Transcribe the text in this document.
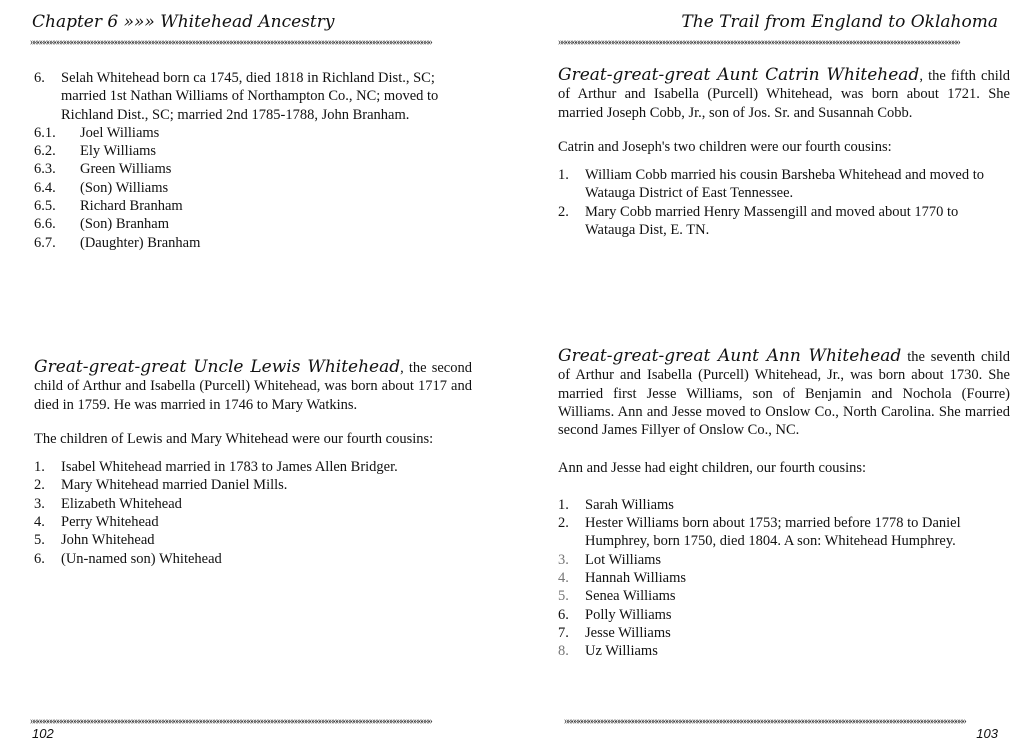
Chapter 6 »»» Whitehead Ancestry
»»»»»»»»»»»»»»»»»»»»»»»»»»»»»»»»»»»»»»»»»»»»»»»»»»»»»»»»»»»»»»»»»»»»»»»»»»»»»»»»»»»»»»»»»»»»»»»»»»»»»»»»»»»»»»»»»»»»»»
6.	Selah Whitehead born ca 1745, died 1818 in Richland Dist., SC; married 1st Nathan Williams of Northampton Co., NC; moved to Richland Dist., SC; married 2nd 1785-1788, John Branham.
6.1.	Joel Williams
6.2.	Ely Williams
6.3.	Green Williams
6.4.	(Son) Williams
6.5.	Richard Branham
6.6.	(Son) Branham
6.7.	(Daughter) Branham

Great-great-great Uncle Lewis Whitehead, the second child of Arthur and Isabella (Purcell) Whitehead, was born about 1717 and died in 1759. He was married in 1746 to Mary Watkins.

The children of Lewis and Mary Whitehead were our fourth cousins:

1.	Isabel Whitehead married in 1783 to James Allen Bridger.
2.	Mary Whitehead married Daniel Mills.
3.	Elizabeth Whitehead
4.	Perry Whitehead
5.	John Whitehead
6.	(Un-named son) Whitehead
»»»»»»»»»»»»»»»»»»»»»»»»»»»»»»»»»»»»»»»»»»»»»»»»»»»»»»»»»»»»»»»»»»»»»»»»»»»»»»»»»»»»»»»»»»»»»»»»»»»»»»»»»»»»»»»»»»»»»»
102
The Trail from England to Oklahoma
»»»»»»»»»»»»»»»»»»»»»»»»»»»»»»»»»»»»»»»»»»»»»»»»»»»»»»»»»»»»»»»»»»»»»»»»»»»»»»»»»»»»»»»»»»»»»»»»»»»»»»»»»»»»»»»»»»»»»»

Great-great-great Aunt Catrin Whitehead, the fifth child of Arthur and Isabella (Purcell) Whitehead, was born about 1721. She married Joseph Cobb, Jr., son of Jos. Sr. and Susannah Cobb.

Catrin and Joseph's two children were our fourth cousins:

1.	William Cobb married his cousin Barsheba Whitehead and moved to Watauga District of East Tennessee.
2.	Mary Cobb married Henry Massengill and moved about 1770 to Watauga Dist, E. TN.

Great-great-great Aunt Ann Whitehead the seventh child of Arthur and Isabella (Purcell) Whitehead, Jr., was born about 1730. She married first Jesse Williams, son of Benjamin and Nochola (Fourre) Williams. Ann and Jesse moved to Onslow Co., North Carolina. She married second James Fillyer of Onslow Co., NC.

Ann and Jesse had eight children, our fourth cousins:

1.	Sarah Williams
2.	Hester Williams born about 1753; married before 1778 to Daniel Humphrey, born 1750, died 1804. A son: Whitehead Humphrey.
3.	Lot Williams
4.	Hannah Williams
5.	Senea Williams
6.	Polly Williams
7.	Jesse Williams
8.	Uz Williams
»»»»»»»»»»»»»»»»»»»»»»»»»»»»»»»»»»»»»»»»»»»»»»»»»»»»»»»»»»»»»»»»»»»»»»»»»»»»»»»»»»»»»»»»»»»»»»»»»»»»»»»»»»»»»»»»»»»»»»
103
